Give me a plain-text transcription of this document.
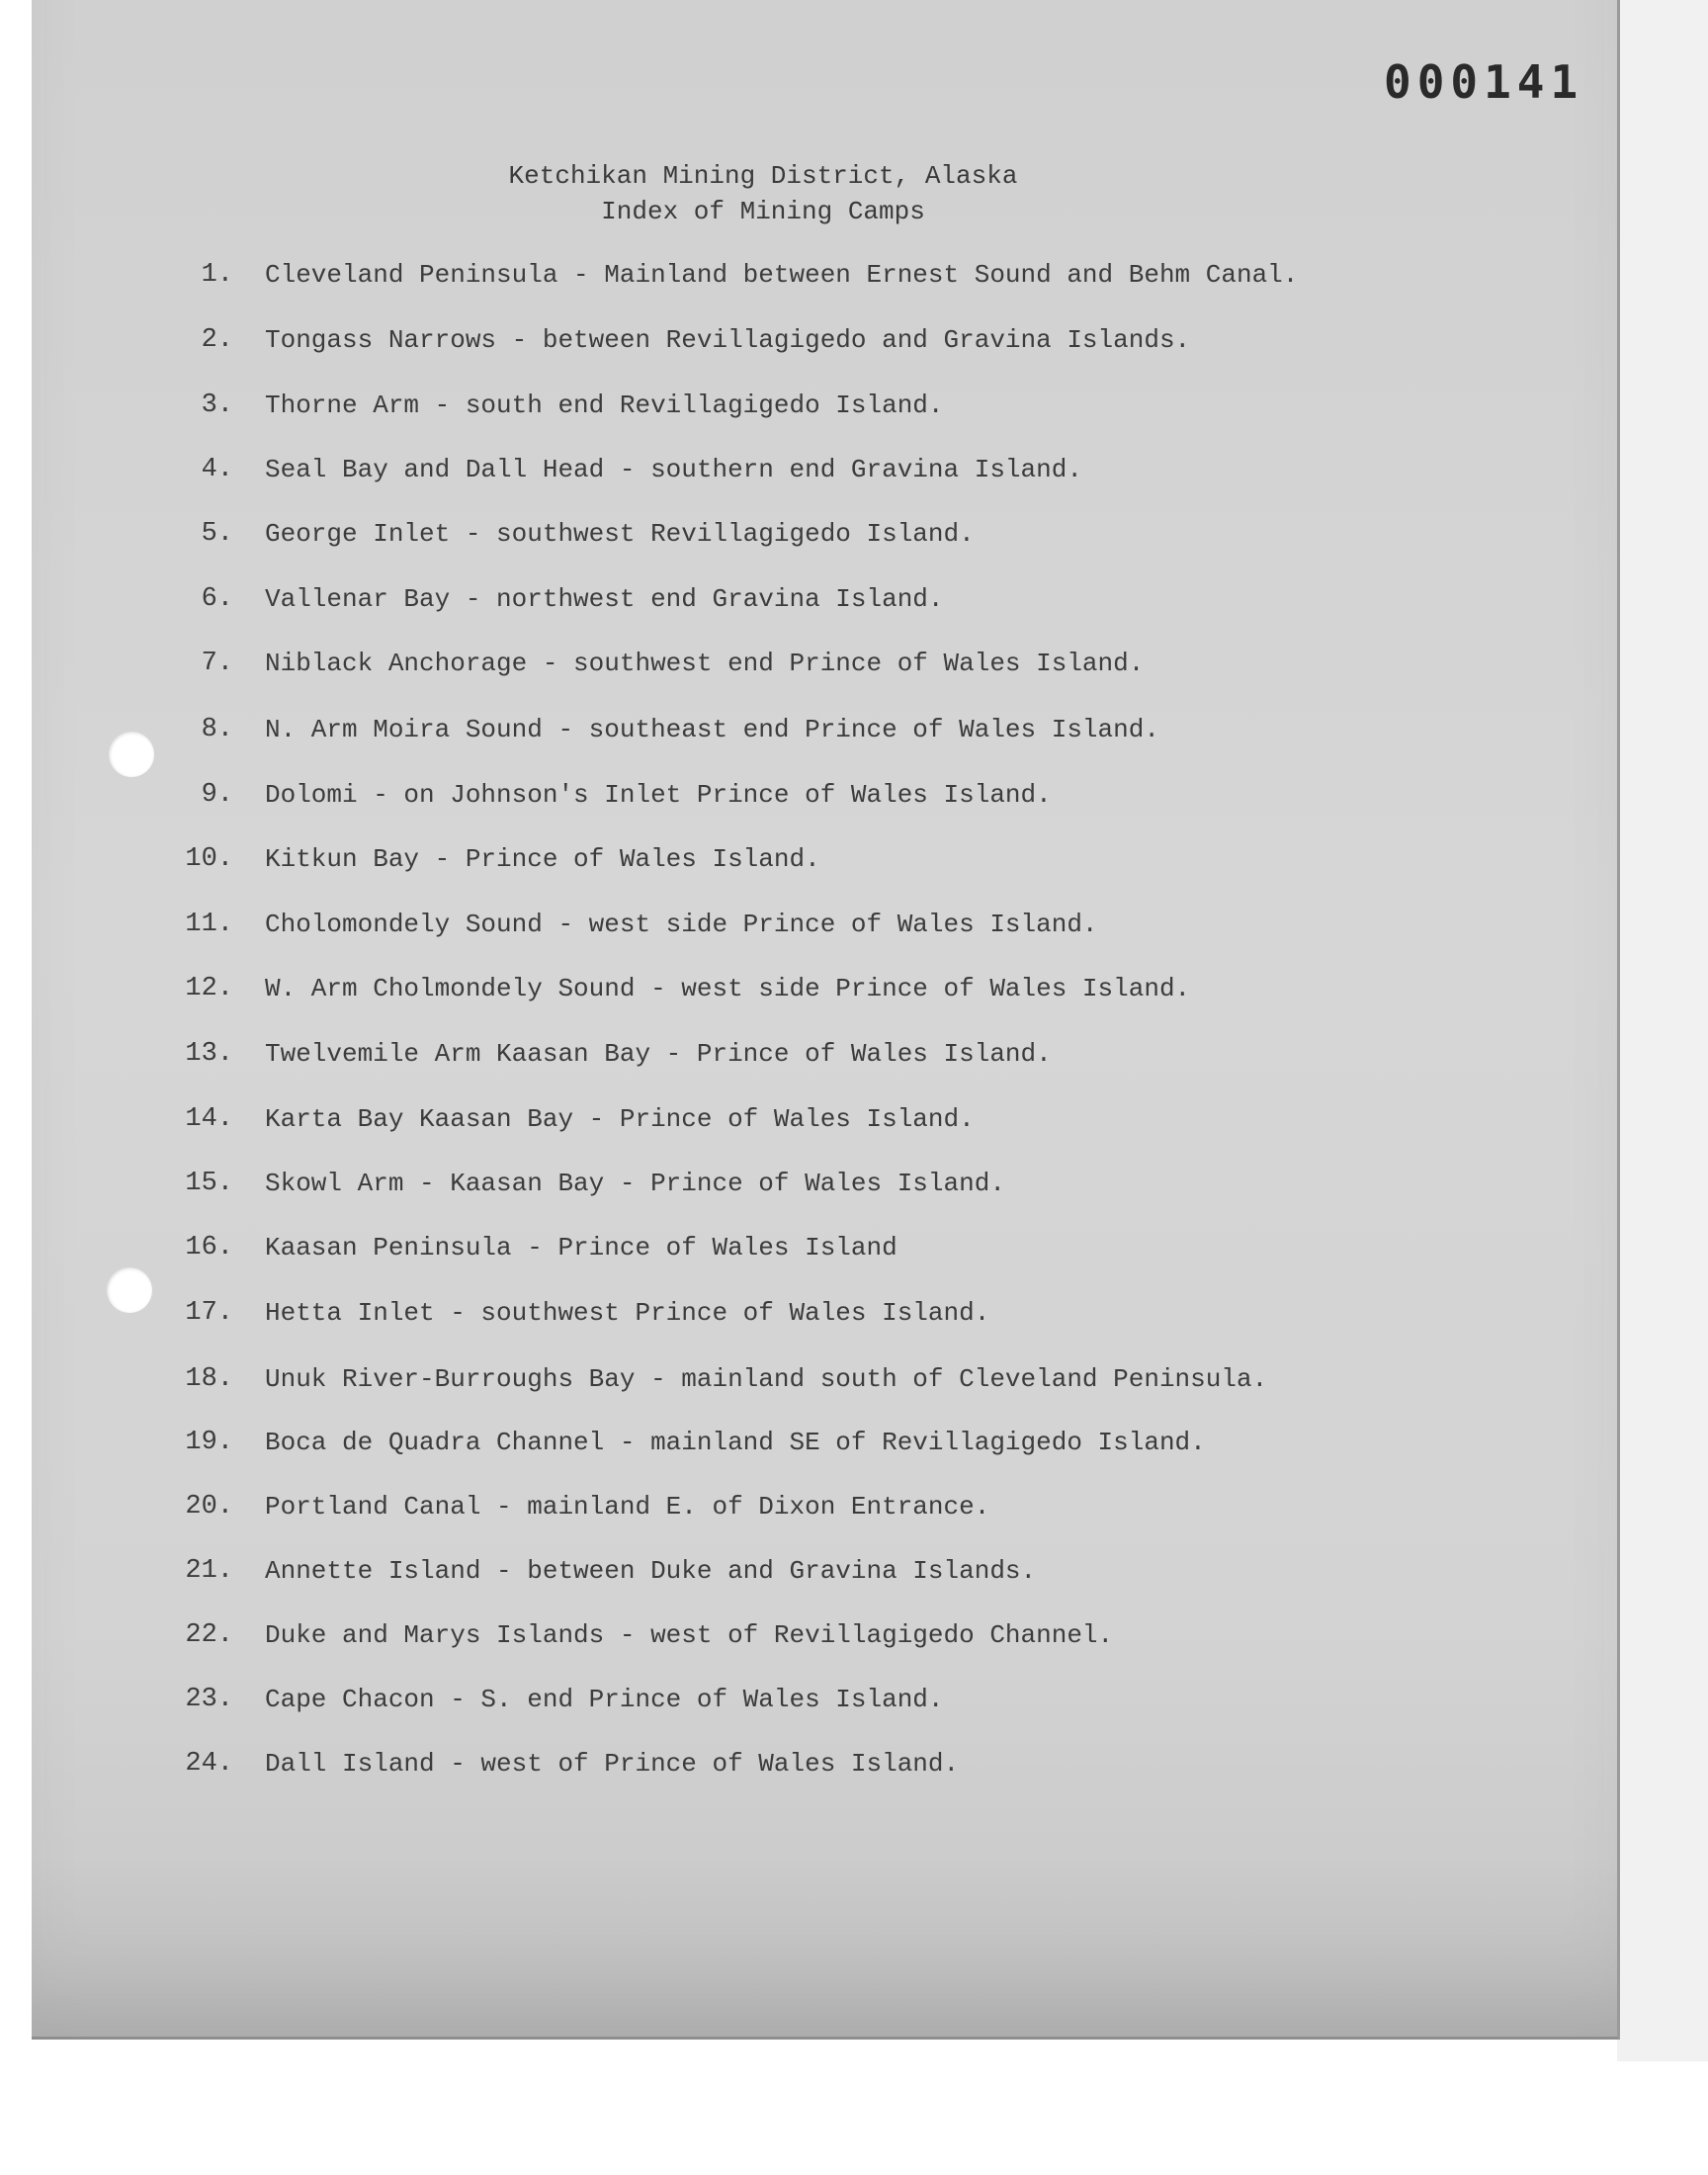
000141
Ketchikan Mining District, Alaska
Index of Mining Camps
1. Cleveland Peninsula - Mainland between Ernest Sound and Behm Canal.
2. Tongass Narrows - between Revillagigedo and Gravina Islands.
3. Thorne Arm - south end Revillagigedo Island.
4. Seal Bay and Dall Head - southern end Gravina Island.
5. George Inlet - southwest Revillagigedo Island.
6. Vallenar Bay - northwest end Gravina Island.
7. Niblack Anchorage - southwest end Prince of Wales Island.
8. N. Arm Moira Sound - southeast end Prince of Wales Island.
9. Dolomi - on Johnson's Inlet Prince of Wales Island.
10. Kitkun Bay - Prince of Wales Island.
11. Cholomondely Sound - west side Prince of Wales Island.
12. W. Arm Cholmondely Sound - west side Prince of Wales Island.
13. Twelvemile Arm Kaasan Bay - Prince of Wales Island.
14. Karta Bay Kaasan Bay - Prince of Wales Island.
15. Skowl Arm - Kaasan Bay - Prince of Wales Island.
16. Kaasan Peninsula - Prince of Wales Island
17. Hetta Inlet - southwest Prince of Wales Island.
18. Unuk River-Burroughs Bay - mainland south of Cleveland Peninsula.
19. Boca de Quadra Channel - mainland SE of Revillagigedo Island.
20. Portland Canal - mainland E. of Dixon Entrance.
21. Annette Island - between Duke and Gravina Islands.
22. Duke and Marys Islands - west of Revillagigedo Channel.
23. Cape Chacon - S. end Prince of Wales Island.
24. Dall Island - west of Prince of Wales Island.
